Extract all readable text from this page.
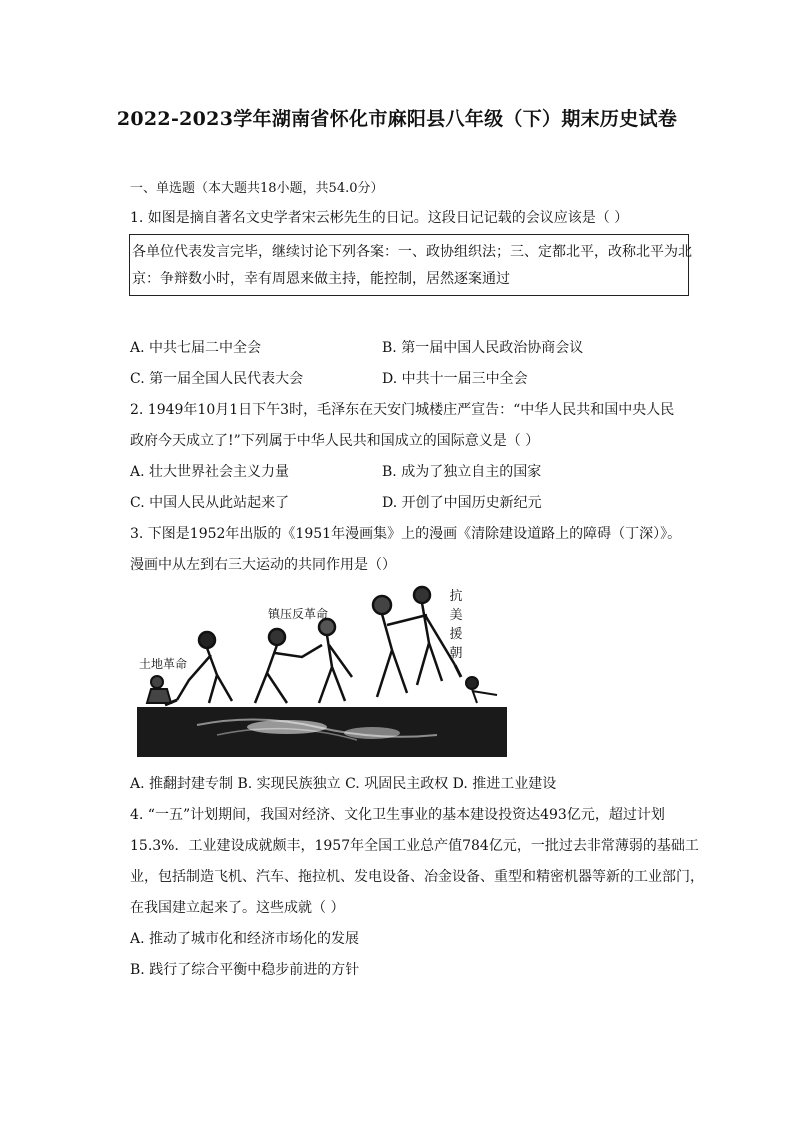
2022-2023学年湖南省怀化市麻阳县八年级（下）期末历史试卷
一、单选题（本大题共18小题，共54.0分）
1. 如图是摘自著名文史学者宋云彬先生的日记。这段日记记载的会议应该是（ ）
各单位代表发言完毕，继续讨论下列各案：一、政协组织法；三、定都北平，改称北平为北
京：争辩数小时，幸有周恩来做主持，能控制，居然逐案通过
A. 中共七届二中全会	B. 第一届中国人民政治协商会议
C. 第一届全国人民代表大会	D. 中共十一届三中全会
2. 1949年10月1日下午3时，毛泽东在天安门城楼庄严宣告：“中华人民共和国中央人民
政府今天成立了!”下列属于中华人民共和国成立的国际意义是（ ）
A. 壮大世界社会主义力量	B. 成为了独立自主的国家
C. 中国人民从此站起来了	D. 开创了中国历史新纪元
3. 下图是1952年出版的《1951年漫画集》上的漫画《清除建设道路上的障碍（丁深）》。
漫画中从左到右三大运动的共同作用是（）
土地革命
镇压反革命
抗
美
援
朝
A. 推翻封建专制 B. 实现民族独立 C. 巩固民主政权 D. 推进工业建设
4. “一五”计划期间，我国对经济、文化卫生事业的基本建设投资达493亿元，超过计划
15.3%．工业建设成就颇丰，1957年全国工业总产值784亿元，一批过去非常薄弱的基础工
业，包括制造飞机、汽车、拖拉机、发电设备、冶金设备、重型和精密机器等新的工业部门，
在我国建立起来了。这些成就（ ）
A. 推动了城市化和经济市场化的发展
B. 践行了综合平衡中稳步前进的方针
